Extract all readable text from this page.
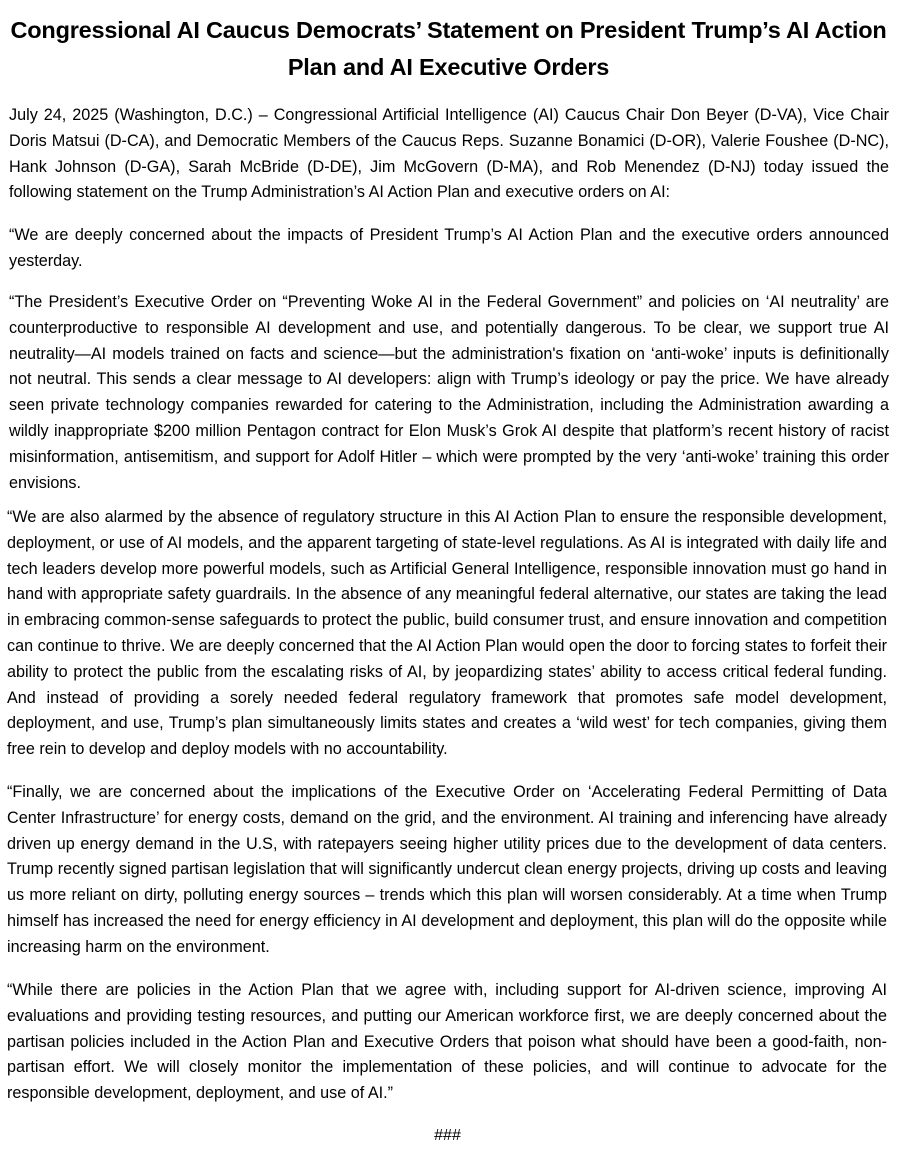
Congressional AI Caucus Democrats’ Statement on President Trump’s AI Action Plan and AI Executive Orders

July 24, 2025 (Washington, D.C.) – Congressional Artificial Intelligence (AI) Caucus Chair Don Beyer (D-VA), Vice Chair Doris Matsui (D-CA), and Democratic Members of the Caucus Reps. Suzanne Bonamici (D-OR), Valerie Foushee (D-NC), Hank Johnson (D-GA), Sarah McBride (D-DE), Jim McGovern (D-MA), and Rob Menendez (D-NJ) today issued the following statement on the Trump Administration’s AI Action Plan and executive orders on AI:

“We are deeply concerned about the impacts of President Trump’s AI Action Plan and the executive orders announced yesterday.

“The President’s Executive Order on “Preventing Woke AI in the Federal Government” and policies on ‘AI neutrality’ are counterproductive to responsible AI development and use, and potentially dangerous. To be clear, we support true AI neutrality—AI models trained on facts and science—but the administration's fixation on ‘anti-woke’ inputs is definitionally not neutral. This sends a clear message to AI developers: align with Trump’s ideology or pay the price. We have already seen private technology companies rewarded for catering to the Administration, including the Administration awarding a wildly inappropriate $200 million Pentagon contract for Elon Musk’s Grok AI despite that platform’s recent history of racist misinformation, antisemitism, and support for Adolf Hitler – which were prompted by the very ‘anti-woke’ training this order envisions.

“We are also alarmed by the absence of regulatory structure in this AI Action Plan to ensure the responsible development, deployment, or use of AI models, and the apparent targeting of state-level regulations. As AI is integrated with daily life and tech leaders develop more powerful models, such as Artificial General Intelligence, responsible innovation must go hand in hand with appropriate safety guardrails. In the absence of any meaningful federal alternative, our states are taking the lead in embracing common-sense safeguards to protect the public, build consumer trust, and ensure innovation and competition can continue to thrive. We are deeply concerned that the AI Action Plan would open the door to forcing states to forfeit their ability to protect the public from the escalating risks of AI, by jeopardizing states’ ability to access critical federal funding. And instead of providing a sorely needed federal regulatory framework that promotes safe model development, deployment, and use, Trump’s plan simultaneously limits states and creates a ‘wild west’ for tech companies, giving them free rein to develop and deploy models with no accountability.

“Finally, we are concerned about the implications of the Executive Order on ‘Accelerating Federal Permitting of Data Center Infrastructure’ for energy costs, demand on the grid, and the environment. AI training and inferencing have already driven up energy demand in the U.S, with ratepayers seeing higher utility prices due to the development of data centers. Trump recently signed partisan legislation that will significantly undercut clean energy projects, driving up costs and leaving us more reliant on dirty, polluting energy sources – trends which this plan will worsen considerably. At a time when Trump himself has increased the need for energy efficiency in AI development and deployment, this plan will do the opposite while increasing harm on the environment.

“While there are policies in the Action Plan that we agree with, including support for AI-driven science, improving AI evaluations and providing testing resources, and putting our American workforce first, we are deeply concerned about the partisan policies included in the Action Plan and Executive Orders that poison what should have been a good-faith, non-partisan effort. We will closely monitor the implementation of these policies, and will continue to advocate for the responsible development, deployment, and use of AI.”

###
